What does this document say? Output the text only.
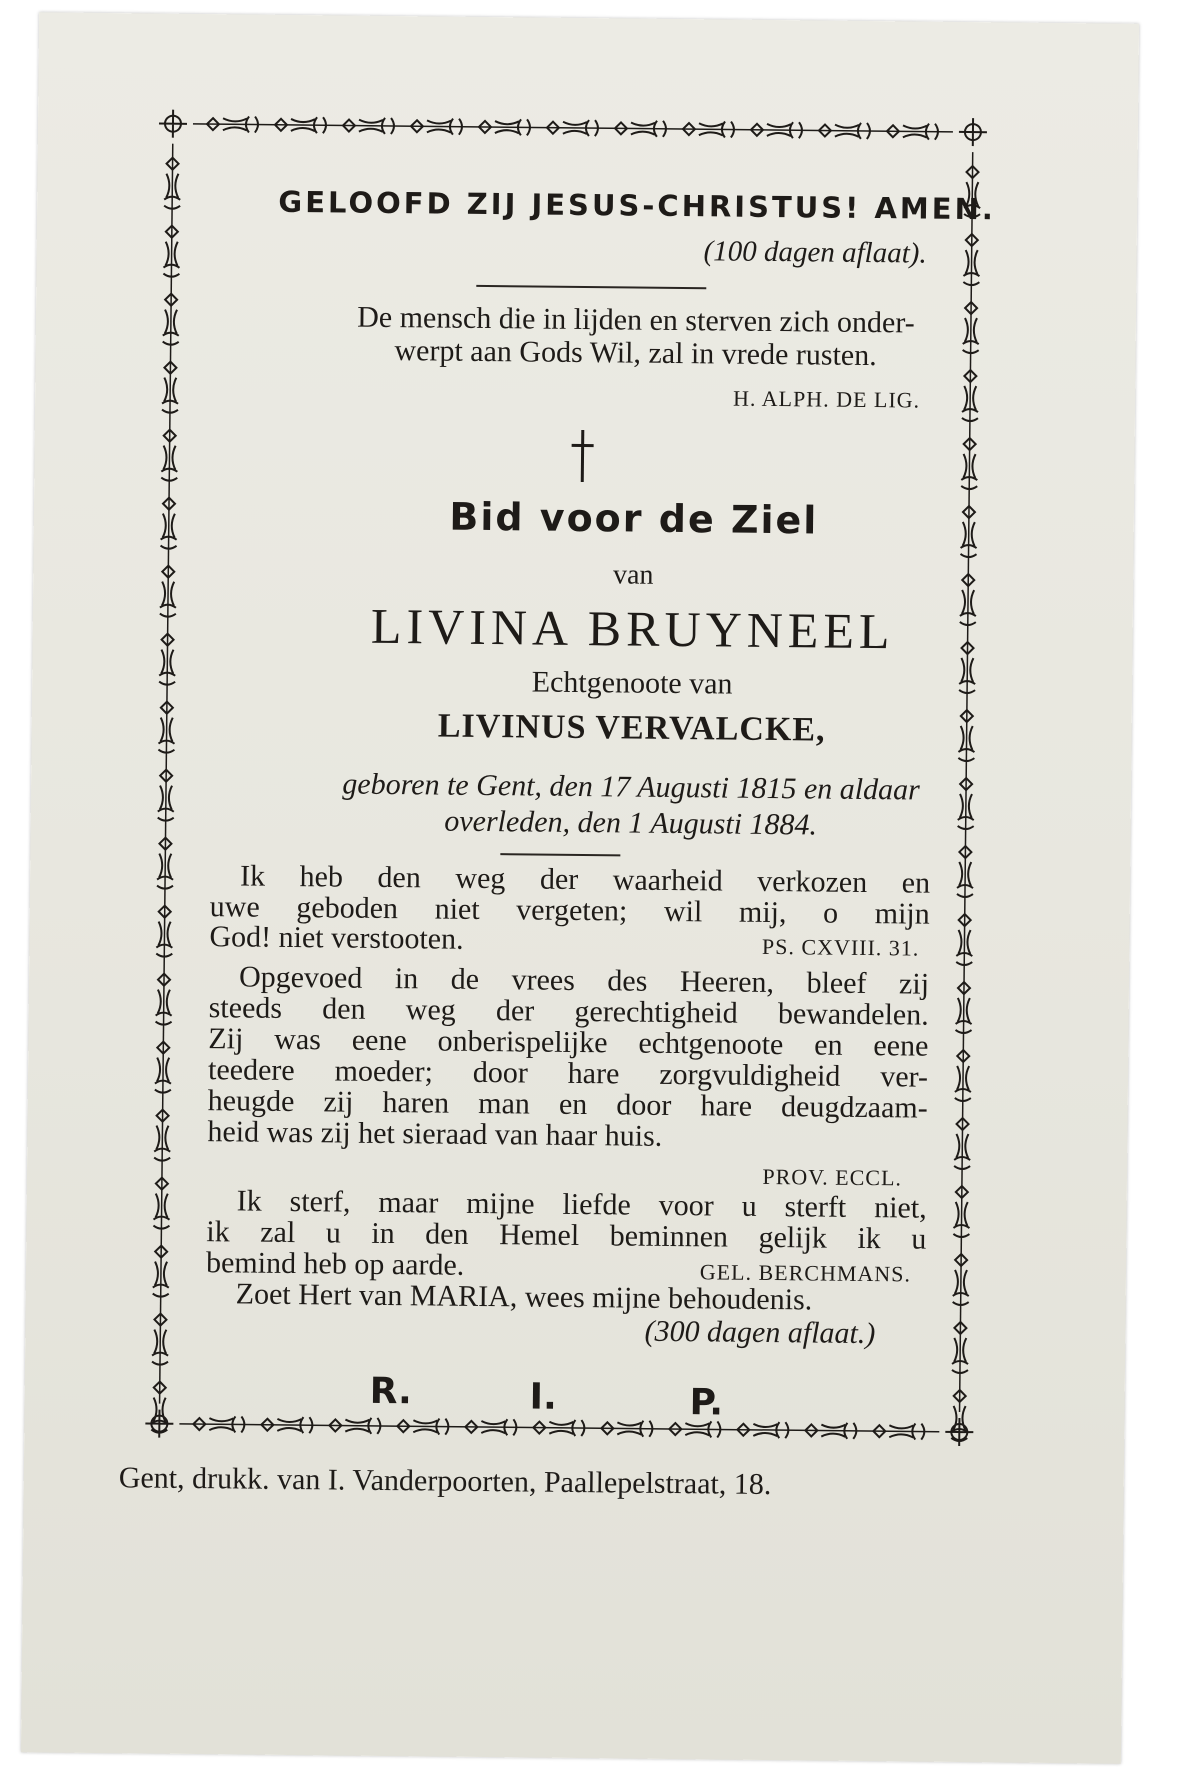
GELOOFD ZIJ JESUS-CHRISTUS! AMEN.
(100 dagen aflaat).
De mensch die in lijden en sterven zich onder-
werpt aan Gods Wil, zal in vrede rusten.
H. ALPH. DE LIG.
Bid voor de Ziel
van
LIVINA BRUYNEEL
Echtgenoote van
LIVINUS VERVALCKE,
geboren te Gent, den 17 Augusti 1815 en aldaar
overleden, den 1 Augusti 1884.
Ik heb den weg der waarheid verkozen en
uwe geboden niet vergeten; wil mij, o mijn
God! niet verstooten.	PS. CXVIII. 31.
Opgevoed in de vrees des Heeren, bleef zij
steeds den weg der gerechtigheid bewandelen.
Zij was eene onberispelijke echtgenoote en eene
teedere moeder; door hare zorgvuldigheid ver-
heugde zij haren man en door hare deugdzaam-
heid was zij het sieraad van haar huis.
PROV. ECCL.
Ik sterf, maar mijne liefde voor u sterft niet,
ik zal u in den Hemel beminnen gelijk ik u
bemind heb op aarde.	GEL. BERCHMANS.
Zoet Hert van MARIA, wees mijne behoudenis.
(300 dagen aflaat.)
R.	I.	P.
Gent, drukk. van I. Vanderpoorten, Paallepelstraat, 18.
